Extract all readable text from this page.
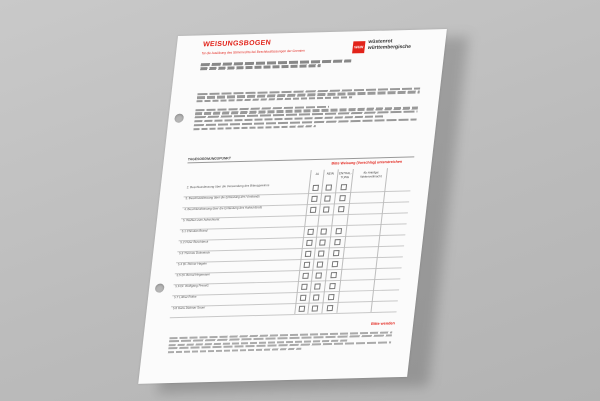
WEISUNGSBOGEN
für die Ausübung des Stimmrechts bei Beschlussfassungen der Gremien
W&W
wüstenrot württembergische
TAGESORDNUNGSPUNKT
Bitte Weisung (Vorschlag) unterstreichen
JA	NEIN	ENTHAL-TUNG
für Anträge: Weitervollmacht
2. Beschlussfassung über die Verwendung des Bilanzgewinns
3. Beschlussfassung über die Entlastung des Vorstands
4. Beschlussfassung über die Entlastung des Aufsichtsrats
5. Wahlen zum Aufsichtsrat
5.1 Christian Brand
5.2 Peter Buschbeck
5.3 Thomas Dolmetsch
5.4 Dr. Reiner Hagele
5.5 Dr. Bernd Hegemann
5.6 Dr. Wolfgang Presetz
5.7 Lothar Rothe
5.8 Hans Dietmar Sauer
Bitte wenden
